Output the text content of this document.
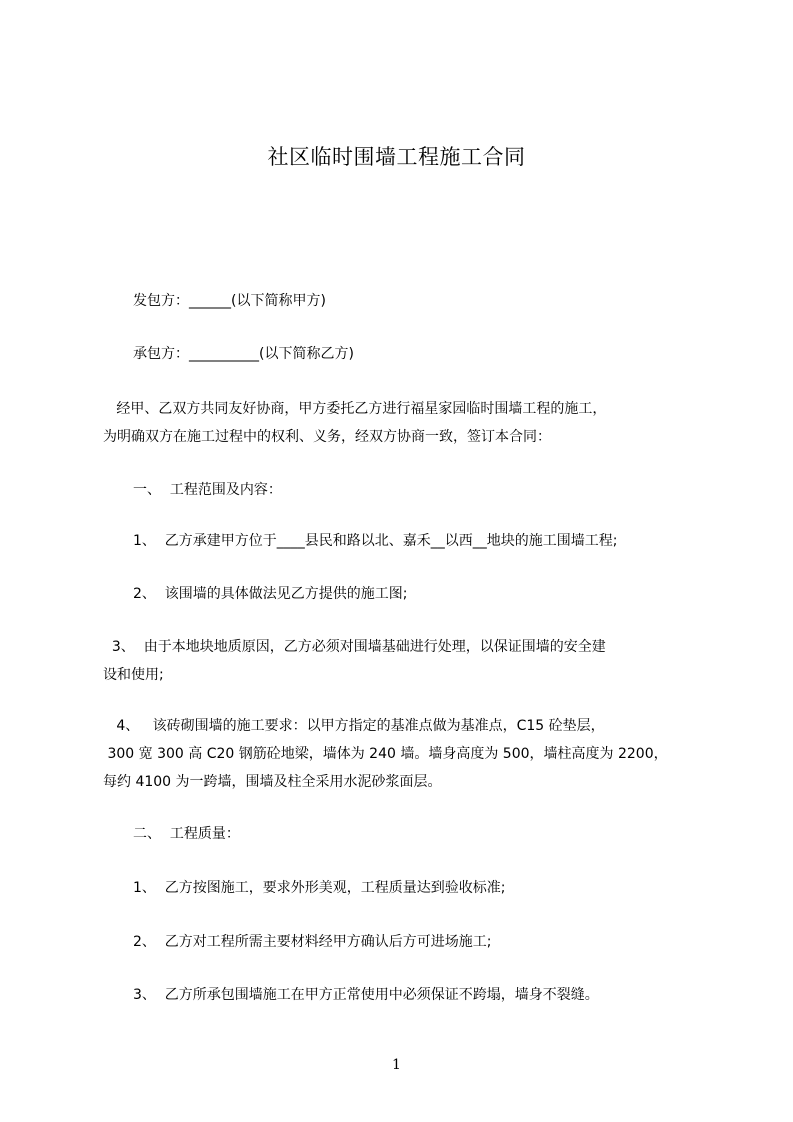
社区临时围墙工程施工合同

发包方：______(以下简称甲方)

承包方：__________(以下简称乙方)

经甲、乙双方共同友好协商，甲方委托乙方进行福星家园临时围墙工程的施工，

为明确双方在施工过程中的权利、义务，经双方协商一致，签订本合同：

一、  工程范围及内容：

1、  乙方承建甲方位于____县民和路以北、嘉禾__以西__地块的施工围墙工程;

2、  该围墙的具体做法见乙方提供的施工图;

3、  由于本地块地质原因，乙方必须对围墙基础进行处理，以保证围墙的安全建

设和使用;

4、   该砖砌围墙的施工要求：以甲方指定的基准点做为基准点，C15 砼垫层，

300 宽 300 高 C20 钢筋砼地梁，墙体为 240 墙。墙身高度为 500，墙柱高度为 2200，

每约 4100 为一跨墙，围墙及柱全采用水泥砂浆面层。

二、  工程质量：

1、  乙方按图施工，要求外形美观，工程质量达到验收标准;

2、  乙方对工程所需主要材料经甲方确认后方可进场施工;

3、  乙方所承包围墙施工在甲方正常使用中必须保证不跨塌，墙身不裂缝。

1
